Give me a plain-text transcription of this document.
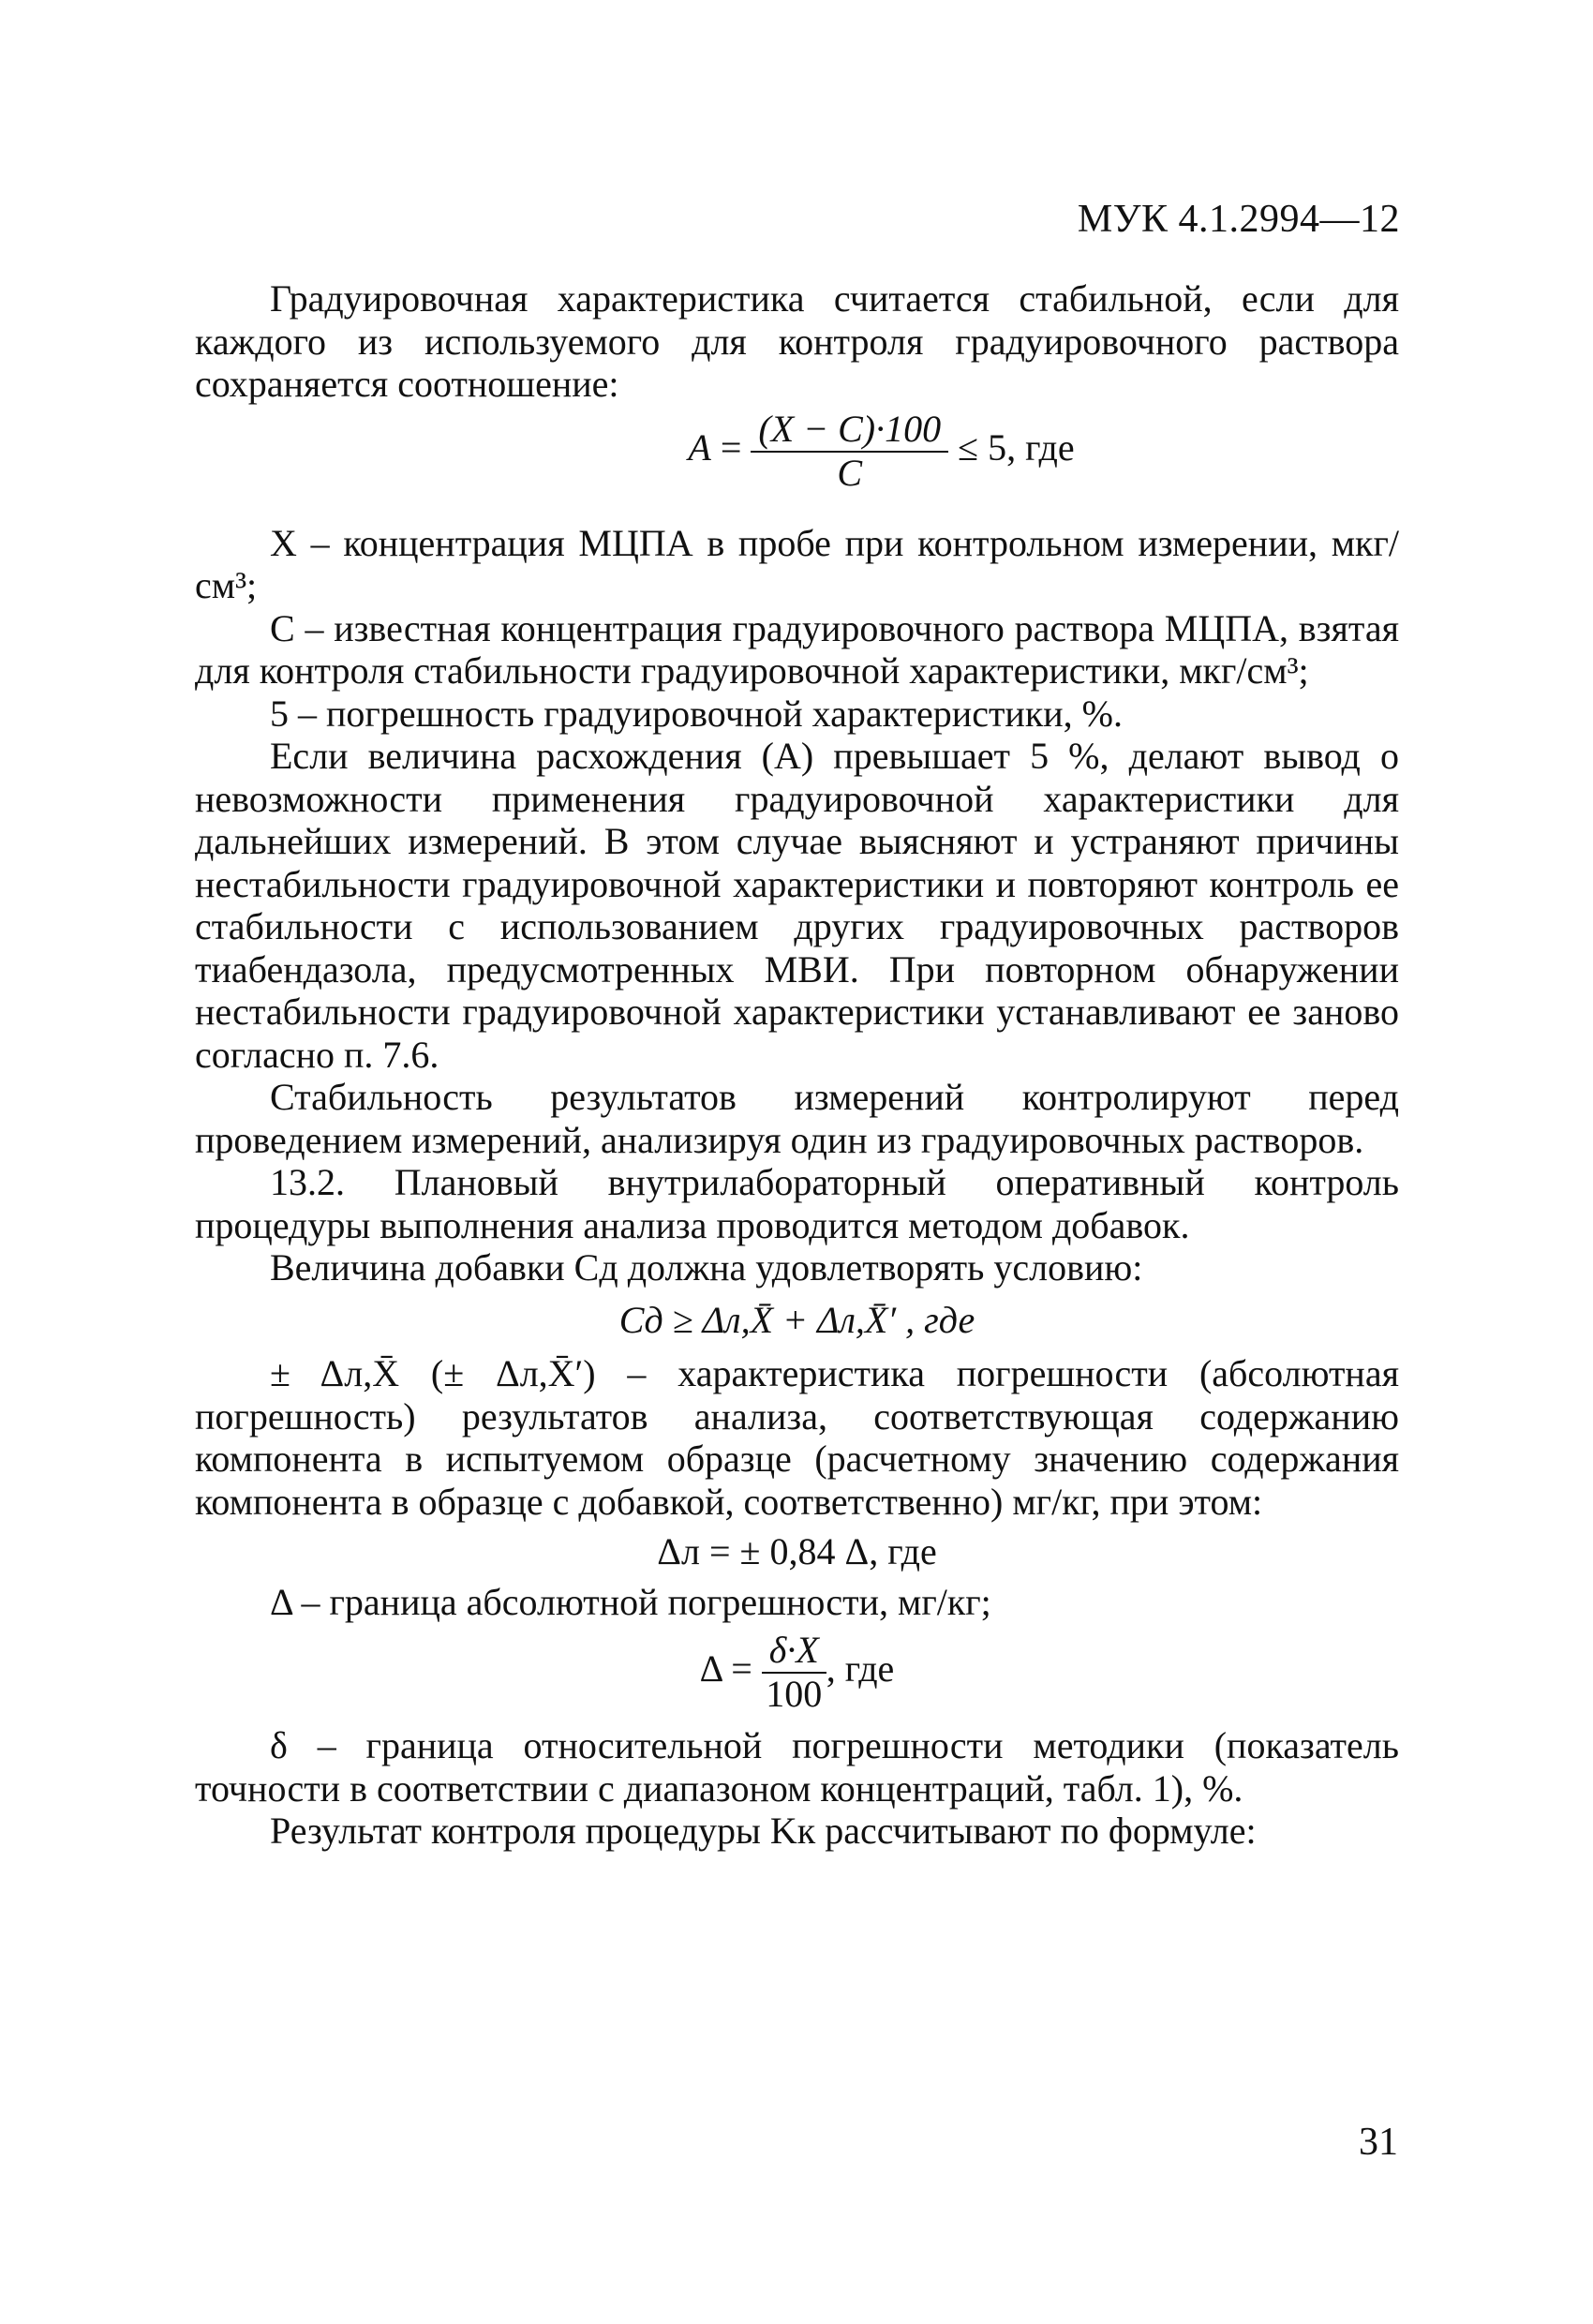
МУК 4.1.2994—12

Градуировочная характеристика считается стабильной, если для каждого из используемого для контроля градуировочного раствора сохраняется соотношение:

$A = \frac{(X - C)\cdot 100}{C} \le 5$, где

X – концентрация МЦПА в пробе при контрольном измерении, мкг/см³;

C – известная концентрация градуировочного раствора МЦПА, взятая для контроля стабильности градуировочной характеристики, мкг/см³;

5 – погрешность градуировочной характеристики, %.

Если величина расхождения (A) превышает 5 %, делают вывод о невозможности применения градуировочной характеристики для дальнейших измерений. В этом случае выясняют и устраняют причины нестабильности градуировочной характеристики и повторяют контроль ее стабильности с использованием других градуировочных растворов тиабендазола, предусмотренных МВИ. При повторном обнаружении нестабильности градуировочной характеристики устанавливают ее заново согласно п. 7.6.

Стабильность результатов измерений контролируют перед проведением измерений, анализируя один из градуировочных растворов.

13.2. Плановый внутрилабораторный оперативный контроль процедуры выполнения анализа проводится методом добавок.

Величина добавки Cд должна удовлетворять условию:

Cд ≥ Δл,X̄ + Δл,X̄′ , где

± Δл,X̄ (± Δл,X̄′) – характеристика погрешности (абсолютная погрешность) результатов анализа, соответствующая содержанию компонента в испытуемом образце (расчетному значению содержания компонента в образце с добавкой, соответственно) мг/кг, при этом:

Δл = ± 0,84 Δ, где

Δ – граница абсолютной погрешности, мг/кг;

$\Delta = \frac{\delta\cdot X}{100}$ , где

δ – граница относительной погрешности методики (показатель точности в соответствии с диапазоном концентраций, табл. 1), %.

Результат контроля процедуры Kк рассчитывают по формуле:

31
